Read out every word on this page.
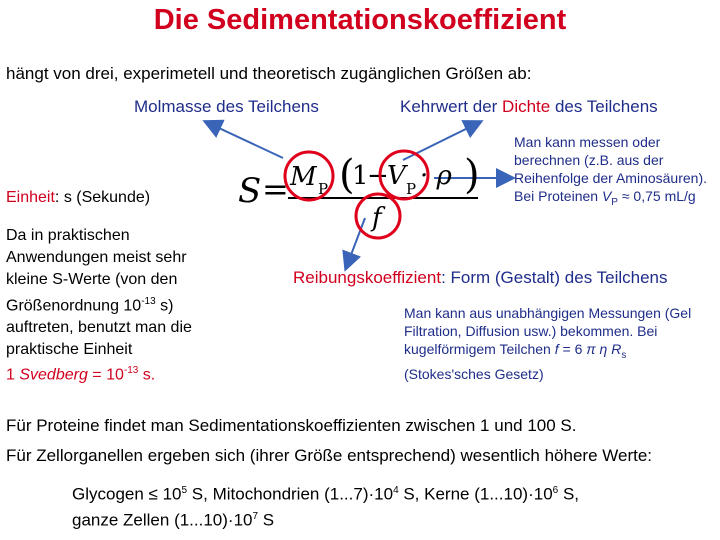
Die Sedimentationskoeffizient
hängt von drei, experimetell und theoretisch zugänglichen Größen ab:
Molmasse des Teilchens	Kehrwert der Dichte des Teilchens
S = M P (
1
−
V P · ρ )
f
Einheit: s (Sekunde)
Da in praktischen Anwendungen meist sehr kleine S-Werte (von den Größenordnung $10^{-13}$ s) auftreten, benutzt man die praktische Einheit
1 Svedberg = $10^{-13}$ s.
Man kann messen oder berechnen (z.B. aus der Reihenfolge der Aminosäuren). Bei Proteinen $V_P \approx 0,75$ mL/g
Reibungskoeffizient: Form (Gestalt) des Teilchens
Man kann aus unabhängigen Messungen (Gel Filtration, Diffusion usw.) bekommen. Bei kugelförmigem Teilchen f = 6 π η $R_s$
(Stokes'sches Gesetz)
Für Proteine findet man Sedimentationskoeffizienten zwischen 1 und 100 S.
Für Zellorganellen ergeben sich (ihrer Größe entsprechend) wesentlich höhere Werte:
Glycogen ≤ $10^5$ S, Mitochondrien $(1...7)\cdot 10^4$ S, Kerne $(1...10)\cdot 10^6$ S,
ganze Zellen $(1...10)\cdot 10^7$ S
